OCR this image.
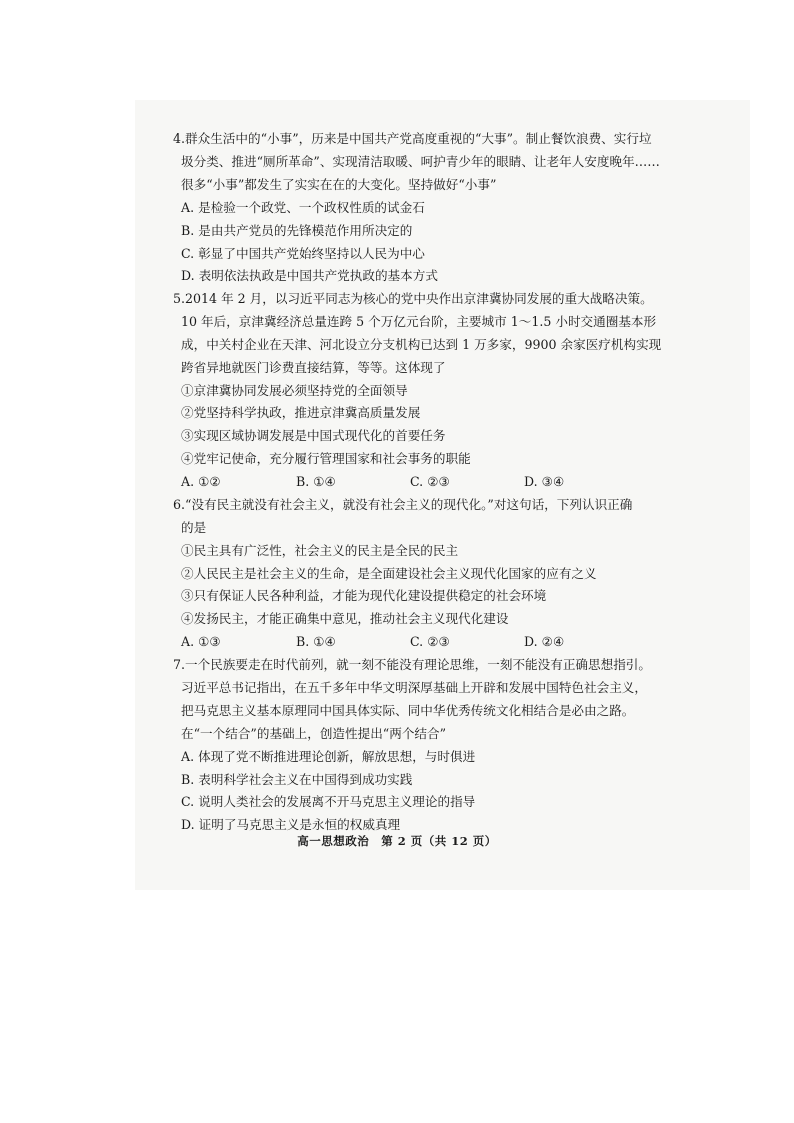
4.群众生活中的“小事”，历来是中国共产党高度重视的“大事”。制止餐饮浪费、实行垃
圾分类、推进“厕所革命”、实现清洁取暖、呵护青少年的眼睛、让老年人安度晚年……
很多“小事”都发生了实实在在的大变化。坚持做好“小事”
A. 是检验一个政党、一个政权性质的试金石
B. 是由共产党员的先锋模范作用所决定的
C. 彰显了中国共产党始终坚持以人民为中心
D. 表明依法执政是中国共产党执政的基本方式
5.2014 年 2 月，以习近平同志为核心的党中央作出京津冀协同发展的重大战略决策。
10 年后，京津冀经济总量连跨 5 个万亿元台阶，主要城市 1～1.5 小时交通圈基本形
成，中关村企业在天津、河北设立分支机构已达到 1 万多家，9900 余家医疗机构实现
跨省异地就医门诊费直接结算，等等。这体现了
①京津冀协同发展必须坚持党的全面领导
②党坚持科学执政，推进京津冀高质量发展
③实现区域协调发展是中国式现代化的首要任务
④党牢记使命，充分履行管理国家和社会事务的职能
A. ①②	B. ①④	C. ②③	D. ③④
6.“没有民主就没有社会主义，就没有社会主义的现代化。”对这句话，下列认识正确
的是
①民主具有广泛性，社会主义的民主是全民的民主
②人民民主是社会主义的生命，是全面建设社会主义现代化国家的应有之义
③只有保证人民各种利益，才能为现代化建设提供稳定的社会环境
④发扬民主，才能正确集中意见，推动社会主义现代化建设
A. ①③	B. ①④	C. ②③	D. ②④
7.一个民族要走在时代前列，就一刻不能没有理论思维，一刻不能没有正确思想指引。
习近平总书记指出，在五千多年中华文明深厚基础上开辟和发展中国特色社会主义，
把马克思主义基本原理同中国具体实际、同中华优秀传统文化相结合是必由之路。
在“一个结合”的基础上，创造性提出“两个结合”
A. 体现了党不断推进理论创新，解放思想，与时俱进
B. 表明科学社会主义在中国得到成功实践
C. 说明人类社会的发展离不开马克思主义理论的指导
D. 证明了马克思主义是永恒的权威真理
高一思想政治　第 2 页（共 12 页）
